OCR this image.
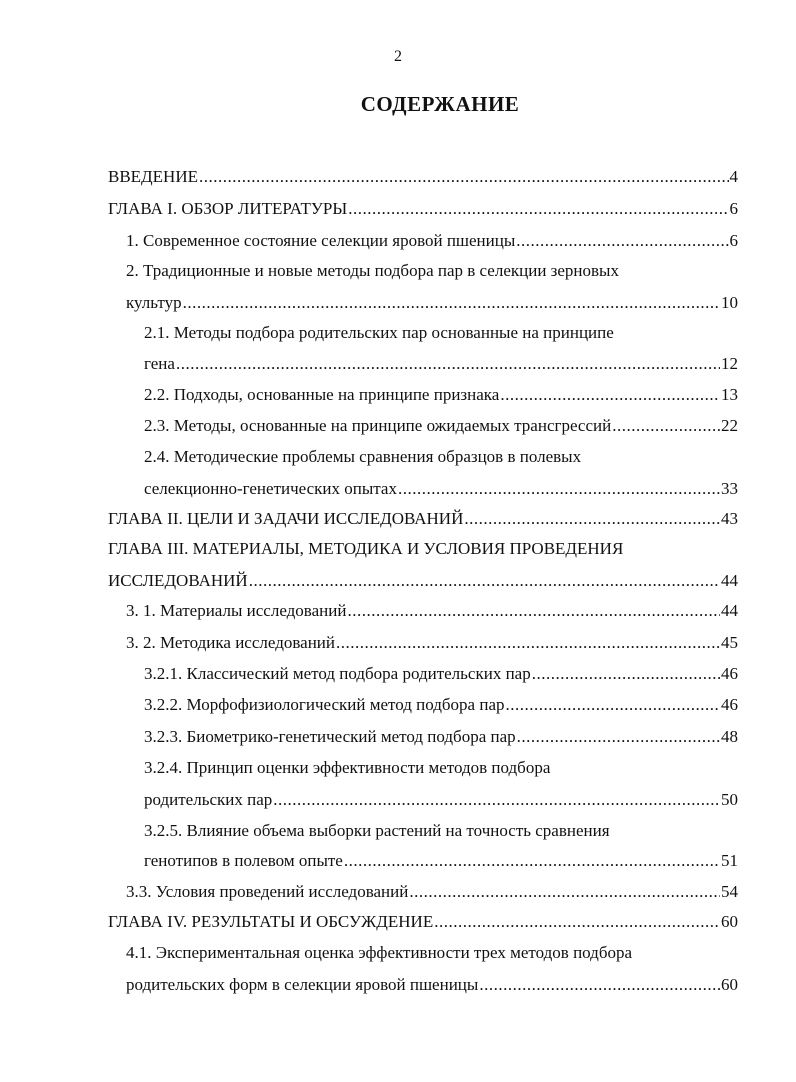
2
СОДЕРЖАНИЕ
ВВЕДЕНИЕ .....	4
ГЛАВА I. ОБЗОР ЛИТЕРАТУРЫ .....	6
1. Современное состояние селекции яровой пшеницы .....	6
2. Традиционные и новые методы подбора пар в селекции зерновых
культур .....	10
2.1. Методы подбора родительских пар основанные на принципе
гена .....	12
2.2. Подходы, основанные на принципе признака .....	13
2.3. Методы, основанные на принципе ожидаемых трансгрессий .....	22
2.4. Методические проблемы сравнения образцов в полевых
селекционно-генетических опытах .....	33
ГЛАВА II. ЦЕЛИ И ЗАДАЧИ ИССЛЕДОВАНИЙ .....	43
ГЛАВА III. МАТЕРИАЛЫ, МЕТОДИКА И УСЛОВИЯ ПРОВЕДЕНИЯ
ИССЛЕДОВАНИЙ .....	44
3. 1. Материалы исследований .....	44
3. 2. Методика исследований .....	45
3.2.1. Классический метод подбора родительских пар .....	46
3.2.2. Морфофизиологический метод подбора пар .....	46
3.2.3. Биометрико-генетический метод подбора пар .....	48
3.2.4. Принцип оценки эффективности методов подбора
родительских пар .....	50
3.2.5. Влияние объема выборки растений на точность сравнения
генотипов в полевом опыте .....	51
3.3. Условия проведений исследований .....	54
ГЛАВА IV. РЕЗУЛЬТАТЫ И ОБСУЖДЕНИЕ .....	60
4.1. Экспериментальная оценка эффективности трех методов подбора
родительских форм в селекции яровой пшеницы .....	60
